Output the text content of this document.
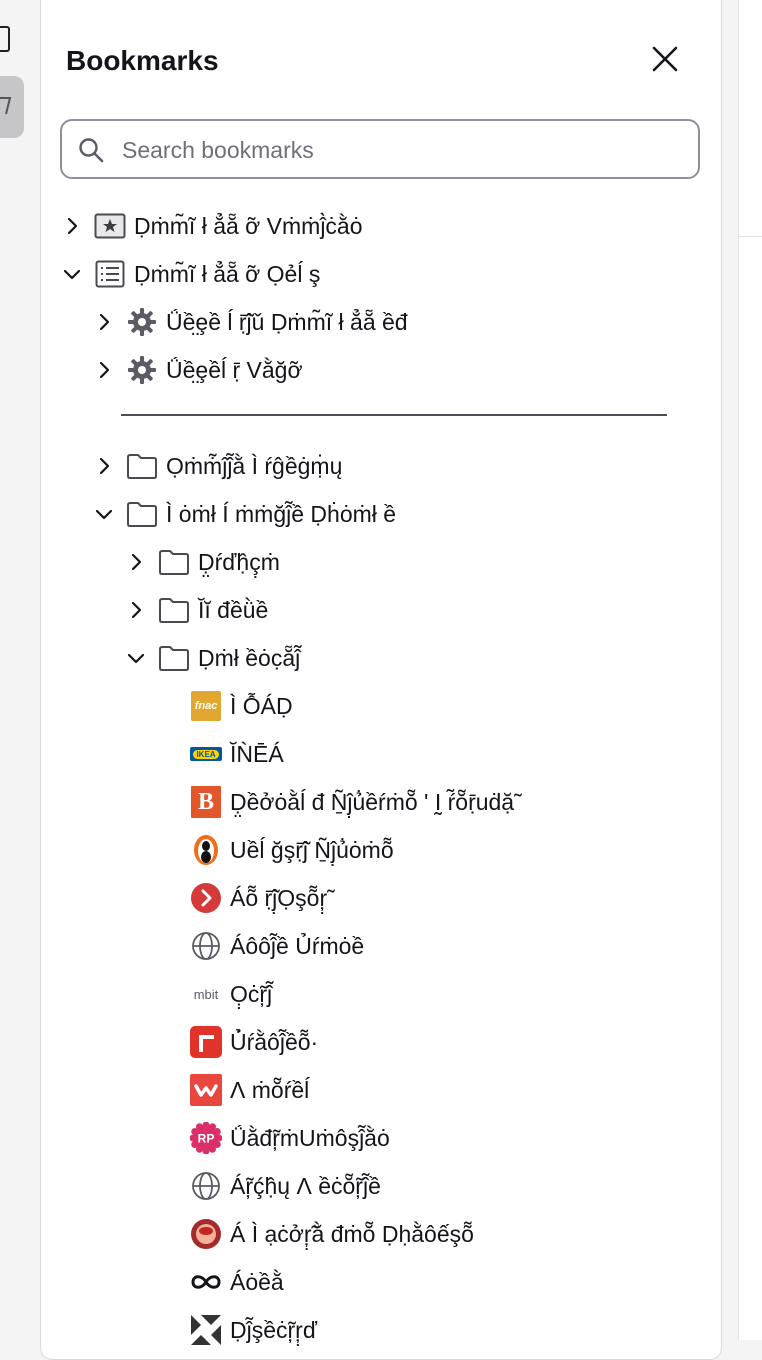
Bookmarks
Search bookmarks
Ḍṁm̃ĩ ł ẳẵ ỡ Vṁṁĵ̀ċằȯ
Ḍṁm̃ĩ ł ẳẵ ỡ Ọẻĺ ş
Ǘề̤ȩề ĺ ṝ̃ĵǔ Ḍṁm̃ĩ ł ẳẵ ềđ
Ǘề̤ȩềĺ ṝ Vằğỡ
Ọṁṁ̃ĵĵ̃ằ Ì ŕĝềġṃ̇ų
Ì ȯṁł Í ṁṁğĵ̃ề Ḍḣȯṁł ề
Ḍ̤ŕďḥ̂ç̣ṁ
Ĭĭ đềǜề
Ḍṁł ềȯc̣ẵĵ̃
fnac Ì ỖÁḌ
IKEA ĬǸĒÁ
B Ḍ̤ềởȯằĺ đ Ṉ̃ĵ̣ủ̇ềŕṁŏ̃ ' Ḭ ŕ̃ŏ̃ṝuḋặ̃
Uềĺ ğşṝ̃ĵ Ṉ̃ĵ̣ủ̇ȯṁõ̃
Áõ̃ ṝ̃ĵ̣Ọşõ̃ŗ̣̃
Áôôĵ̃ề Ủŕṁȯề
mbit Ọ̣ċŗ̃ĵ̃
Ủ̇ŕằôĵ̃ềõ̃·
Ʌ ṁŏ̃ŕềĺ
RP Ǘằđŗ̃ṁUṁôşĵ̃ằȯ
Áŗ̃ḉḥ̂ų Ʌ ềċŏ̃ŗ̃ĵ̃ề
Á Ì ạċởŗ̣̃ằ đṁŏ̃ Ḍḥằôếşõ̃
Áȯềằ
Ḍĵ̃şềċŗ̃ŗ̣ď
